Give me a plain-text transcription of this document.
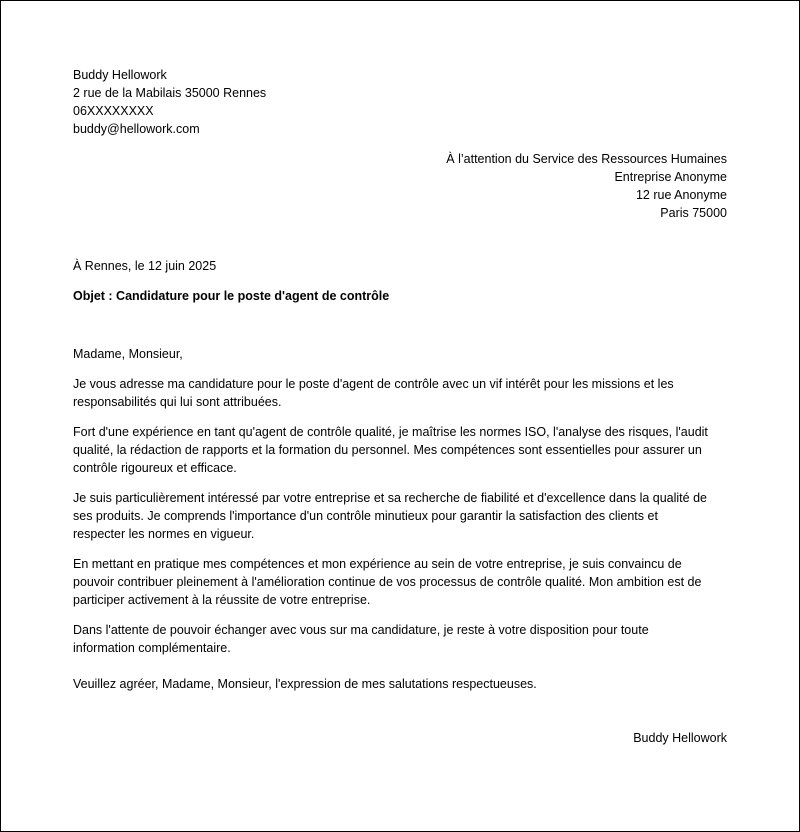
Buddy Hellowork
2 rue de la Mabilais 35000 Rennes
06XXXXXXXX
buddy@hellowork.com
À l’attention du Service des Ressources Humaines
Entreprise Anonyme
12 rue Anonyme
Paris 75000
À Rennes, le 12 juin 2025
Objet : Candidature pour le poste d'agent de contrôle
Madame, Monsieur,
Je vous adresse ma candidature pour le poste d'agent de contrôle avec un vif intérêt pour les missions et les
responsabilités qui lui sont attribuées.
Fort d'une expérience en tant qu'agent de contrôle qualité, je maîtrise les normes ISO, l'analyse des risques, l'audit
qualité, la rédaction de rapports et la formation du personnel. Mes compétences sont essentielles pour assurer un
contrôle rigoureux et efficace.
Je suis particulièrement intéressé par votre entreprise et sa recherche de fiabilité et d'excellence dans la qualité de
ses produits. Je comprends l'importance d'un contrôle minutieux pour garantir la satisfaction des clients et
respecter les normes en vigueur.
En mettant en pratique mes compétences et mon expérience au sein de votre entreprise, je suis convaincu de
pouvoir contribuer pleinement à l'amélioration continue de vos processus de contrôle qualité. Mon ambition est de
participer activement à la réussite de votre entreprise.
Dans l'attente de pouvoir échanger avec vous sur ma candidature, je reste à votre disposition pour toute
information complémentaire.
Veuillez agréer, Madame, Monsieur, l'expression de mes salutations respectueuses.
Buddy Hellowork
